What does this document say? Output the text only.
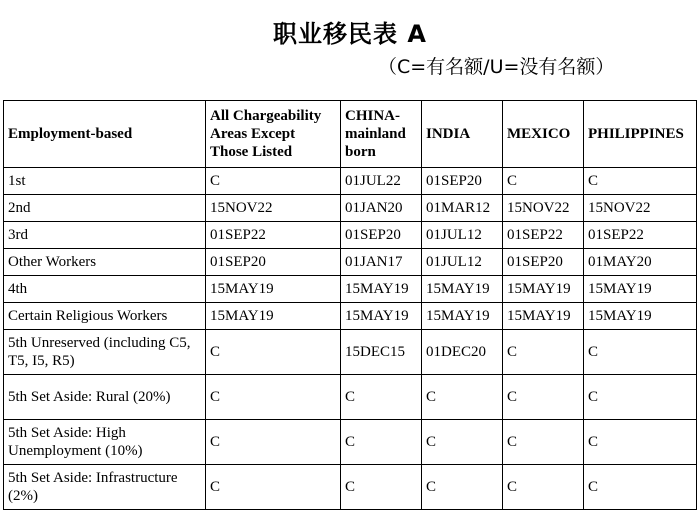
职业移民表 A
（C=有名额/U=没有名额）
Employment-based	All Chargeability Areas Except Those Listed	CHINA-mainland born	INDIA	MEXICO	PHILIPPINES
1st	C	01JUL22	01SEP20	C	C
2nd	15NOV22	01JAN20	01MAR12	15NOV22	15NOV22
3rd	01SEP22	01SEP20	01JUL12	01SEP22	01SEP22
Other Workers	01SEP20	01JAN17	01JUL12	01SEP20	01MAY20
4th	15MAY19	15MAY19	15MAY19	15MAY19	15MAY19
Certain Religious Workers	15MAY19	15MAY19	15MAY19	15MAY19	15MAY19
5th Unreserved (including C5, T5, I5, R5)	C	15DEC15	01DEC20	C	C
5th Set Aside: Rural (20%)	C	C	C	C	C
5th Set Aside: High Unemployment (10%)	C	C	C	C	C
5th Set Aside: Infrastructure (2%)	C	C	C	C	C
